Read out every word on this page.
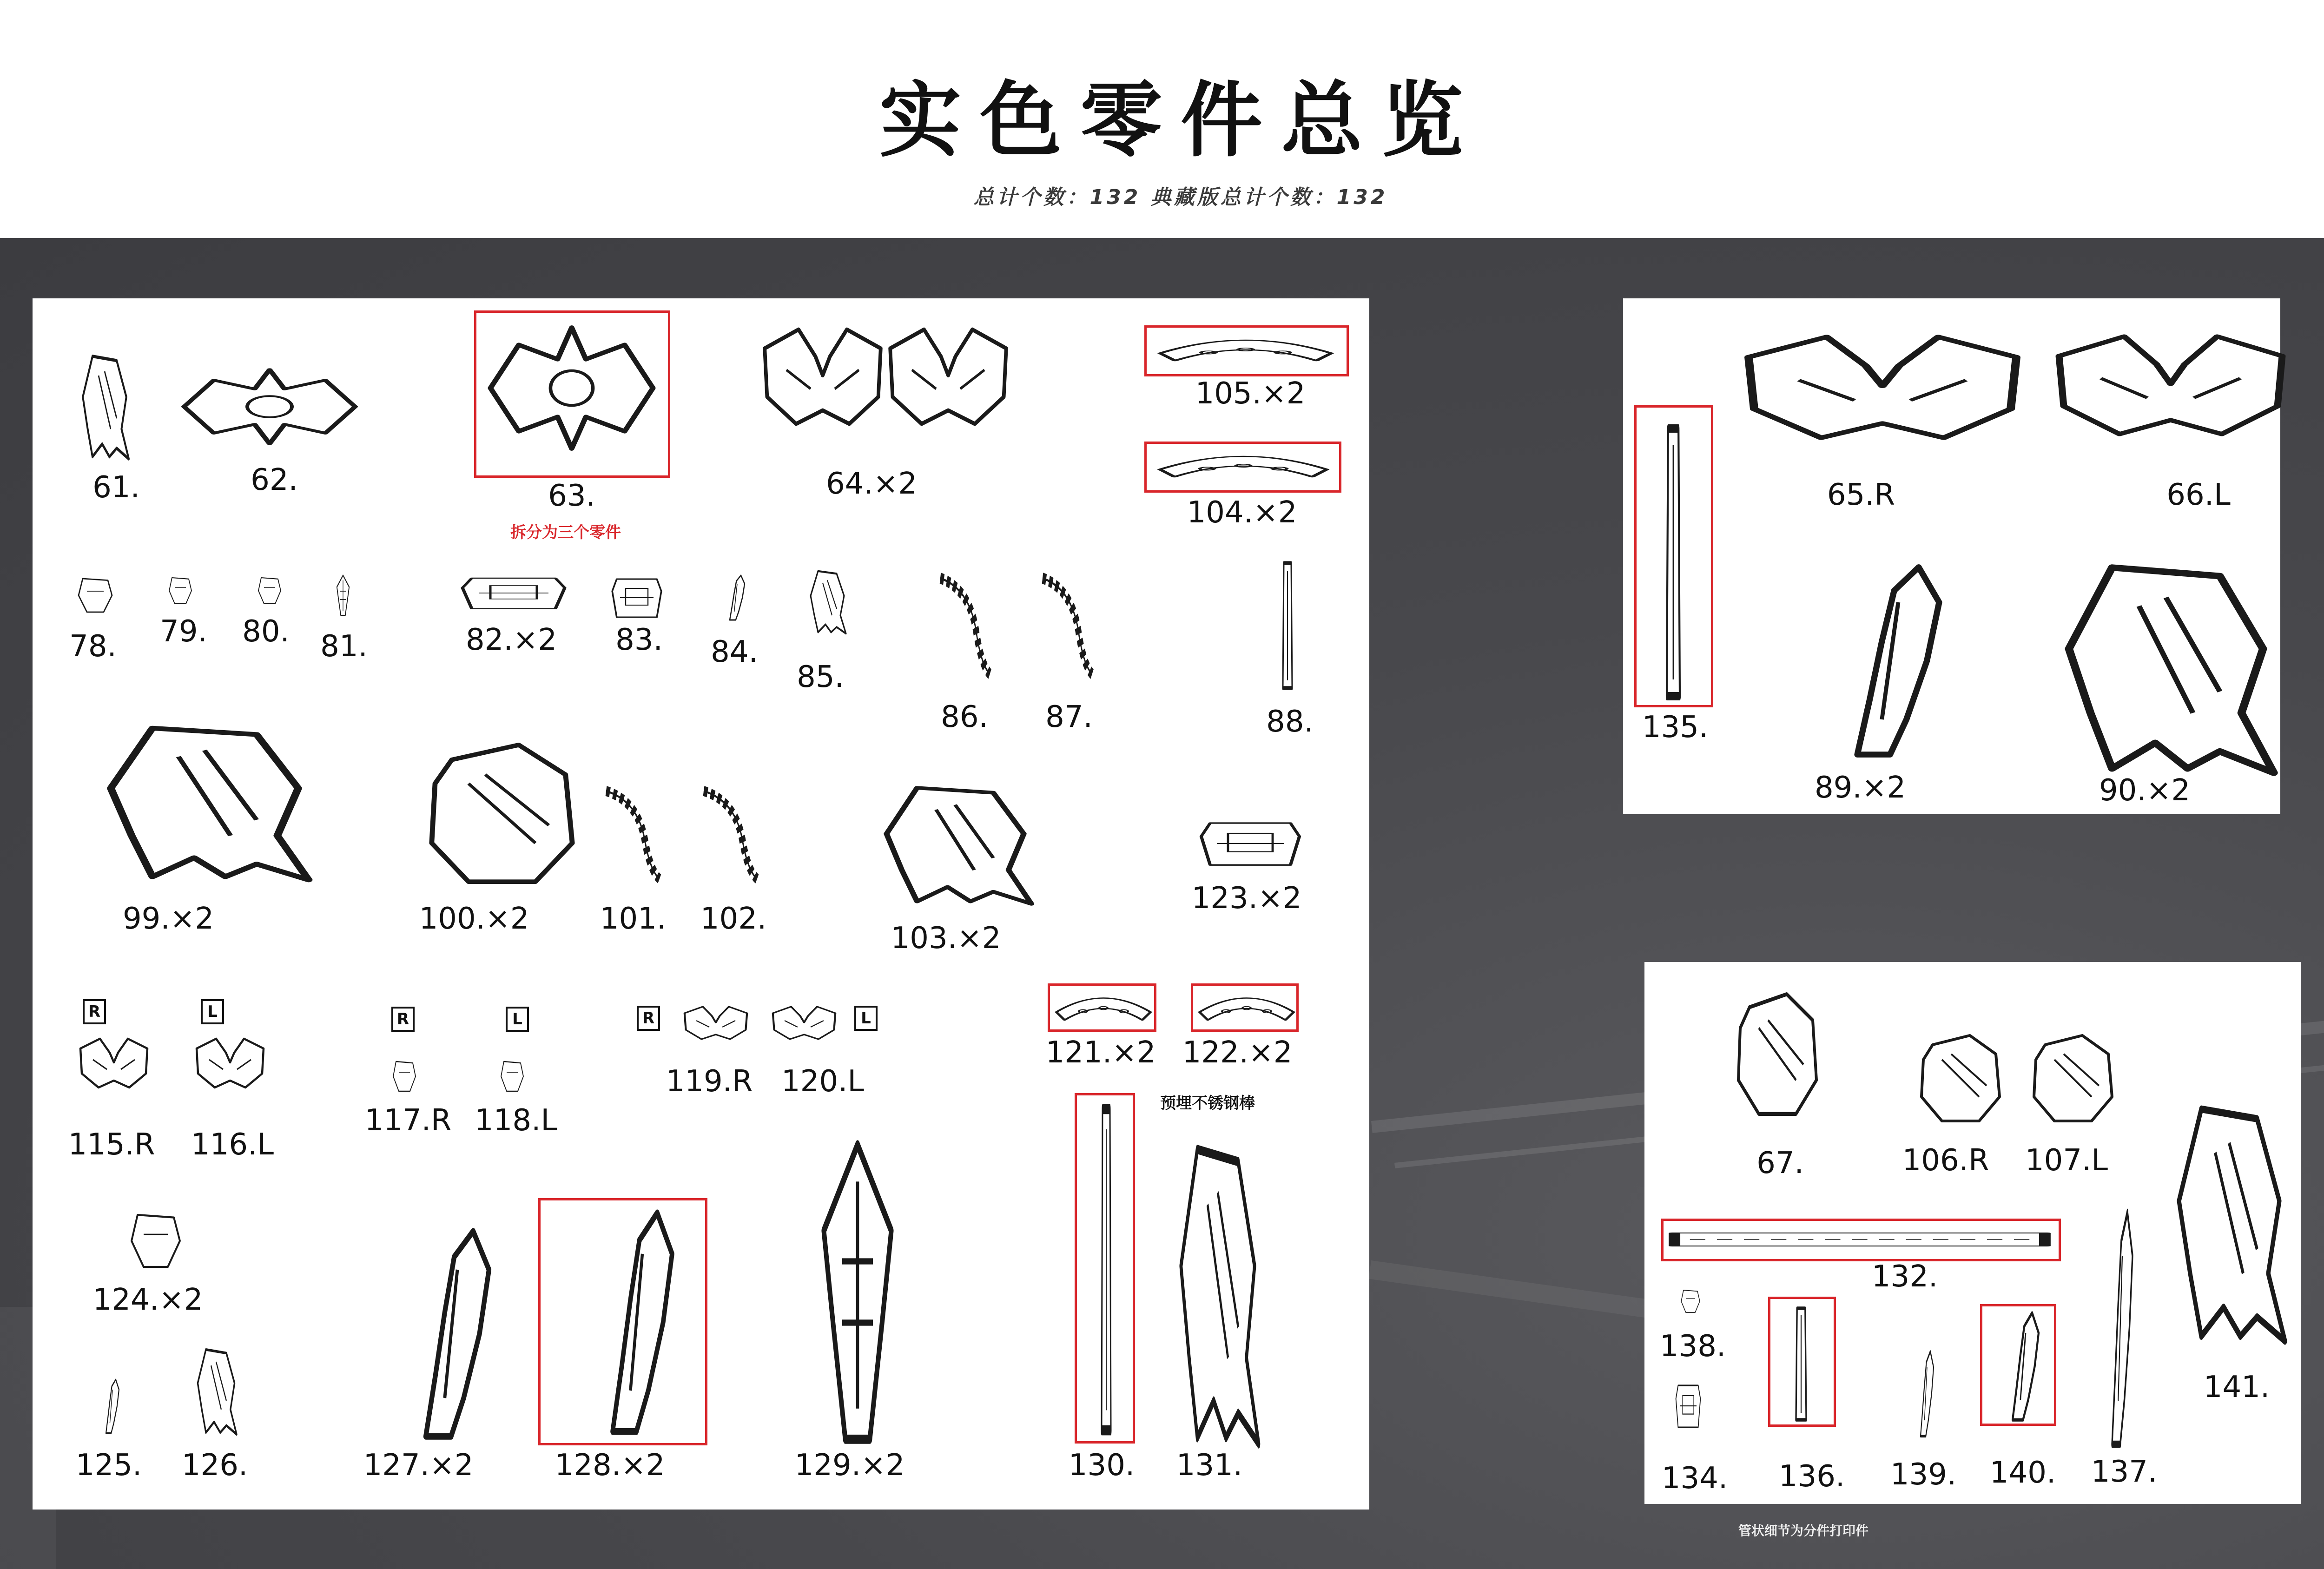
实色零件总览
总计个数：132 典藏版总计个数：132
61.	62.	63.	64.×2
105.×2
104.×2
78. 79. 80. 81.	82.×2 83. 84.
85.
86. 87.	88.
99.×2	100.×2 101. 102.
103.×2
123.×2
115.R 116.L
117.R 118.L
119.R 120.L
121.×2 122.×2
124.×2
125. 126.	127.×2	128.×2	129.×2	130. 131.
135.
65.R	66.L
89.×2	90.×2
67.	106.R 107.L
132.
138.
134. 136. 139. 140. 137.
141.
拆分为三个零件
预埋不锈钢棒
R	L	R	L	R	L
管状细节为分件打印件
